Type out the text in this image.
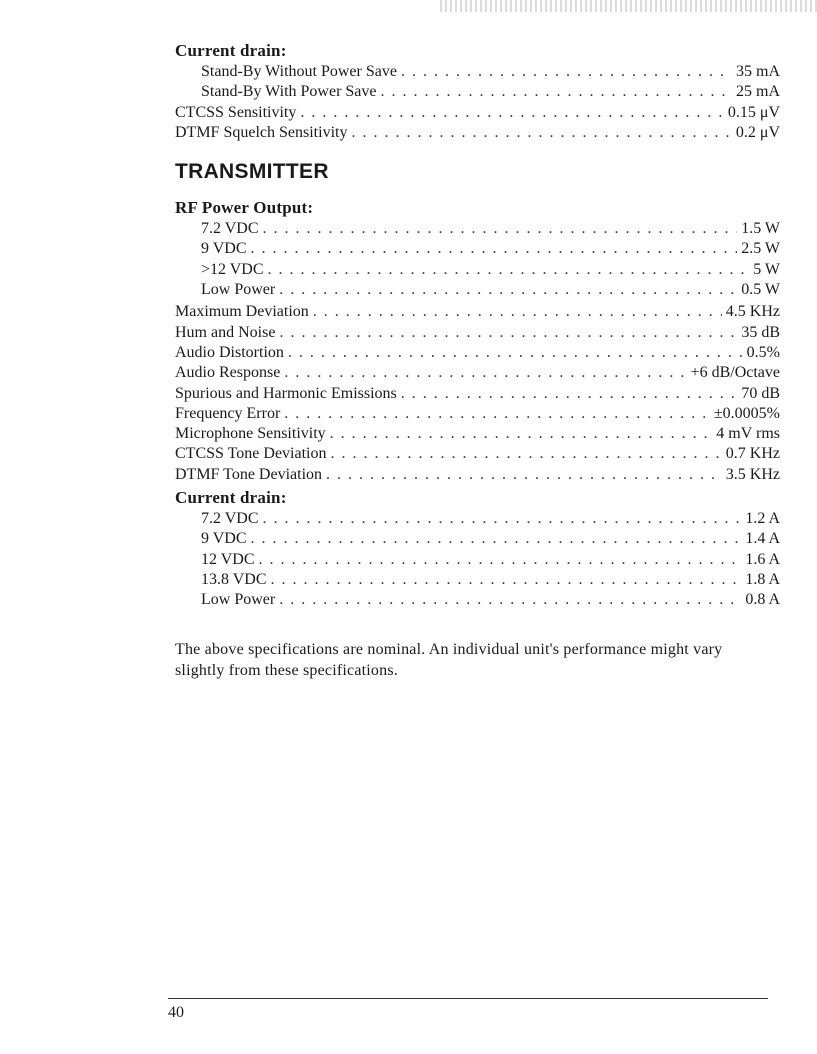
Current drain:

Stand-By Without Power Save . . .	35 mA
Stand-By With Power Save . . .	25 mA
CTCSS Sensitivity . . .	0.15 μV
DTMF Squelch Sensitivity . . .	0.2 μV
TRANSMITTER

RF Power Output:

7.2 VDC . . .	1.5 W
9 VDC . . .	2.5 W
>12 VDC . . .	5 W
Low Power . . .	0.5 W
Maximum Deviation . . .	4.5 KHz
Hum and Noise . . .	35 dB
Audio Distortion . . .	0.5%
Audio Response . . .	+6 dB/Octave
Spurious and Harmonic Emissions . . .	70 dB
Frequency Error . . .	±0.0005%
Microphone Sensitivity . . .	4 mV rms
CTCSS Tone Deviation . . .	0.7 KHz
DTMF Tone Deviation . . .	3.5 KHz

Current drain:

7.2 VDC . . .	1.2 A
9 VDC . . .	1.4 A
12 VDC . . .	1.6 A
13.8 VDC . . .	1.8 A
Low Power . . .	0.8 A

The above specifications are nominal. An individual unit's performance might vary slightly from these specifications.

40
